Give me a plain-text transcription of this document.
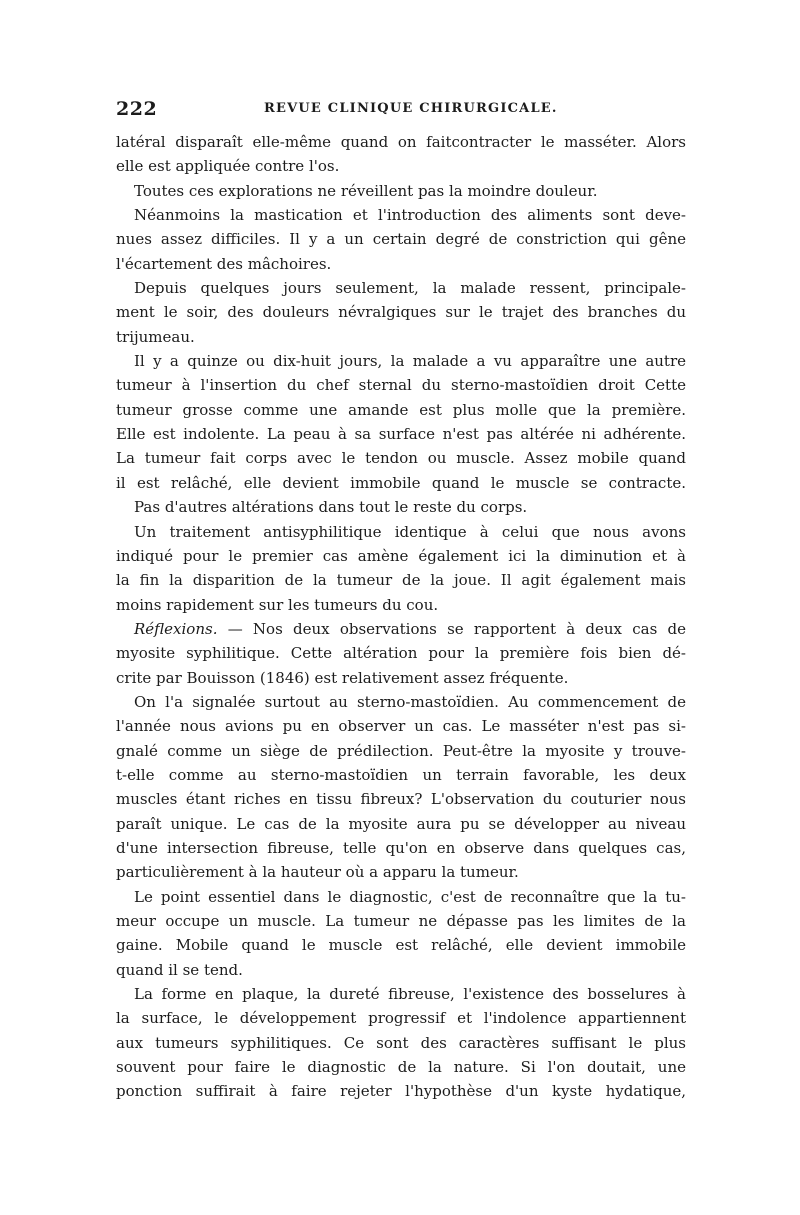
222	REVUE CLINIQUE CHIRURGICALE.
latéral disparaît elle-même quand on faitcontracter le masséter. Alors
elle est appliquée contre l'os.
Toutes ces explorations ne réveillent pas la moindre douleur.
Néanmoins la mastication et l'introduction des aliments sont deve-
nues assez difficiles. Il y a un certain degré de constriction qui gêne
l'écartement des mâchoires.
Depuis quelques jours seulement, la malade ressent, principale-
ment le soir, des douleurs névralgiques sur le trajet des branches du
trijumeau.
Il y a quinze ou dix-huit jours, la malade a vu apparaître une autre
tumeur à l'insertion du chef sternal du sterno-mastoïdien droit Cette
tumeur grosse comme une amande est plus molle que la première.
Elle est indolente. La peau à sa surface n'est pas altérée ni adhérente.
La tumeur fait corps avec le tendon ou muscle. Assez mobile quand
il est relâché, elle devient immobile quand le muscle se contracte.
Pas d'autres altérations dans tout le reste du corps.
Un traitement antisyphilitique identique à celui que nous avons
indiqué pour le premier cas amène également ici la diminution et à
la fin la disparition de la tumeur de la joue. Il agit également mais
moins rapidement sur les tumeurs du cou.
Réflexions. — Nos deux observations se rapportent à deux cas de
myosite syphilitique. Cette altération pour la première fois bien dé-
crite par Bouisson (1846) est relativement assez fréquente.
On l'a signalée surtout au sterno-mastoïdien. Au commencement de
l'année nous avions pu en observer un cas. Le masséter n'est pas si-
gnalé comme un siège de prédilection. Peut-être la myosite y trouve-
t-elle comme au sterno-mastoïdien un terrain favorable, les deux
muscles étant riches en tissu fibreux? L'observation du couturier nous
paraît unique. Le cas de la myosite aura pu se développer au niveau
d'une intersection fibreuse, telle qu'on en observe dans quelques cas,
particulièrement à la hauteur où a apparu la tumeur.
Le point essentiel dans le diagnostic, c'est de reconnaître que la tu-
meur occupe un muscle. La tumeur ne dépasse pas les limites de la
gaine. Mobile quand le muscle est relâché, elle devient immobile
quand il se tend.
La forme en plaque, la dureté fibreuse, l'existence des bosselures à
la surface, le développement progressif et l'indolence appartiennent
aux tumeurs syphilitiques. Ce sont des caractères suffisant le plus
souvent pour faire le diagnostic de la nature. Si l'on doutait, une
ponction suffirait à faire rejeter l'hypothèse d'un kyste hydatique,
